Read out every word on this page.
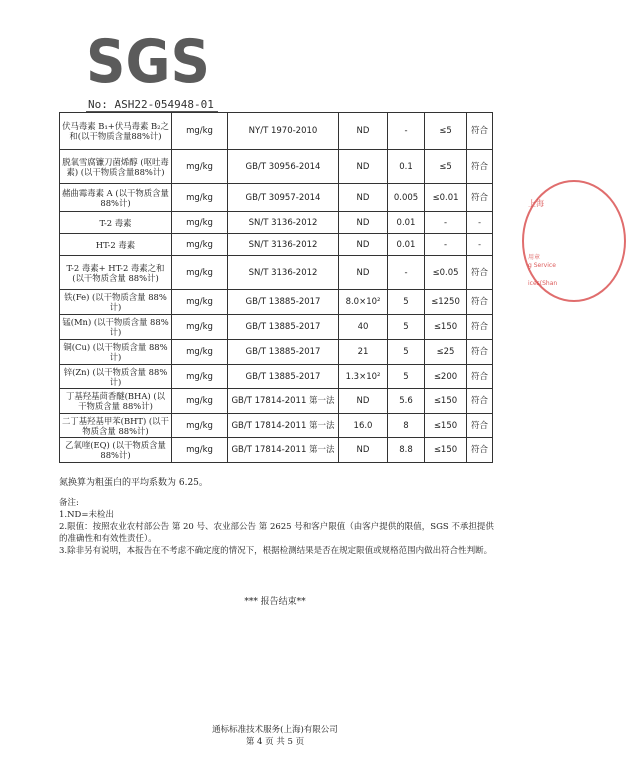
SGS
No: ASH22-054948-01
伏马毒素 B₁+伏马毒素 B₂之和(以干物质含量88%计)	mg/kg	NY/T 1970-2010	ND	-	≤5	符合
脱氧雪腐镰刀菌烯醇 (呕吐毒素) (以干物质含量88%计)	mg/kg	GB/T 30956-2014	ND	0.1	≤5	符合
赭曲霉毒素 A (以干物质含量 88%计)	mg/kg	GB/T 30957-2014	ND	0.005	≤0.01	符合
T-2 毒素	mg/kg	SN/T 3136-2012	ND	0.01	-	-
HT-2 毒素	mg/kg	SN/T 3136-2012	ND	0.01	-	-
T-2 毒素+ HT-2 毒素之和(以干物质含量 88%计)	mg/kg	SN/T 3136-2012	ND	-	≤0.05	符合
铁(Fe) (以干物质含量 88%计)	mg/kg	GB/T 13885-2017	8.0×10²	5	≤1250	符合
锰(Mn) (以干物质含量 88%计)	mg/kg	GB/T 13885-2017	40	5	≤150	符合
铜(Cu) (以干物质含量 88%计)	mg/kg	GB/T 13885-2017	21	5	≤25	符合
锌(Zn) (以干物质含量 88%计)	mg/kg	GB/T 13885-2017	1.3×10²	5	≤200	符合
丁基羟基茴香醚(BHA) (以干物质含量 88%计)	mg/kg	GB/T 17814-2011 第一法	ND	5.6	≤150	符合
二丁基羟基甲苯(BHT) (以干物质含量 88%计)	mg/kg	GB/T 17814-2011 第一法	16.0	8	≤150	符合
乙氧喹(EQ) (以干物质含量 88%计)	mg/kg	GB/T 17814-2011 第一法	ND	8.8	≤150	符合
氮换算为粗蛋白的平均系数为 6.25。
备注:
1.ND=未检出
2.限值：按照农业农村部公告 第 20 号、农业部公告 第 2625 号和客户限值（由客户提供的限值，SGS 不承担提供的准确性和有效性责任）。
3.除非另有说明，本报告在不考虑不确定度的情况下，根据检测结果是否在规定限值或规格范围内做出符合性判断。
*** 报告结束**
通标标准技术服务(上海)有限公司
第 4 页 共 5 页
上海
用章
g Service
ices(Shan
